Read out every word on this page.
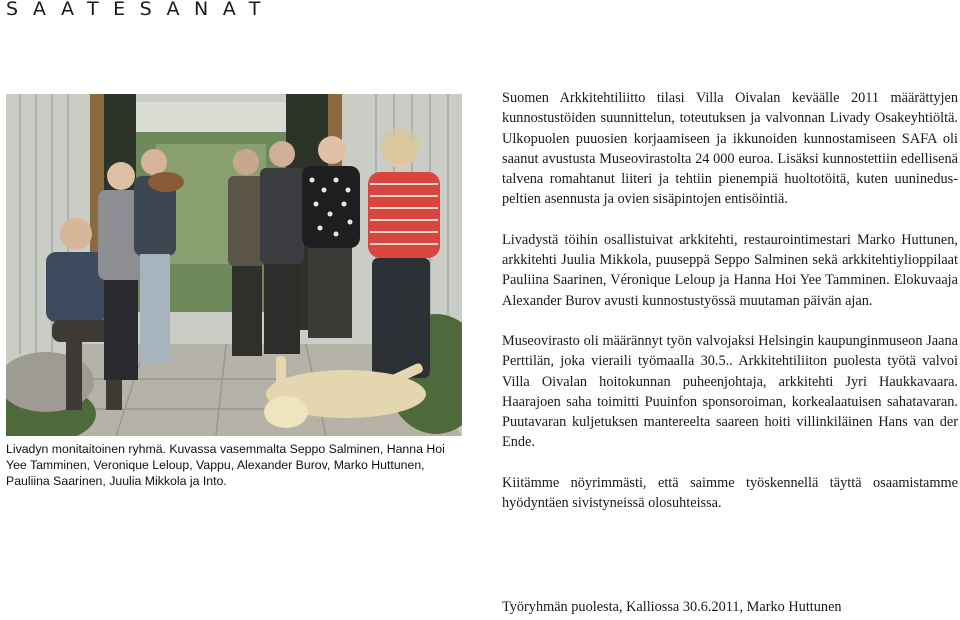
SAATESANAT
Livadyn monitaitoinen ryhmä. Kuvassa vasemmalta Seppo Salminen, Hanna Hoi Yee Tamminen, Veronique Leloup, Vappu, Alexander Burov, Marko Huttunen, Pauliina Saarinen, Juulia Mikkola ja Into.

Suomen Arkkitehtiliitto tilasi Villa Oivalan keväälle 2011 määrättyjen kunnostustöiden suunnittelun, toteutuksen ja valvonnan Livady Osakeyhtiöltä. Ulkopuolen puuosien korjaamiseen ja ikkunoiden kunnostamiseen SAFA oli saanut avustusta Museovirastolta 24 000 euroa. Lisäksi kunnostettiin edellisenä talvena romahtanut liiteri ja tehtiin pienempiä huoltotöitä, kuten uunineduspeltien asennusta ja ovien sisäpintojen entisöintiä.

Livadystä töihin osallistuivat arkkitehti, restaurointimestari Marko Huttunen, arkkitehti Juulia Mikkola, puuseppä Seppo Salminen sekä arkkitehtiylioppilaat Pauliina Saarinen, Véronique Leloup ja Hanna Hoi Yee Tamminen. Elokuvaaja Alexander Burov avusti kunnostustyössä muutaman päivän ajan.

Museovirasto oli määrännyt työn valvojaksi Helsingin kaupunginmuseon Jaana Perttilän, joka vieraili työmaalla 30.5.. Arkkitehtiliiton puolesta työtä valvoi Villa Oivalan hoitokunnan puheenjohtaja, arkkitehti Jyri Haukkavaara. Haarajoen saha toimitti Puuinfon sponsoroiman, korkealaatuisen sahatavaran. Puutavaran kuljetuksen mantereelta saareen hoiti villinkiläinen Hans van der Ende.

Kiitämme nöyrimmästi, että saimme työskennellä täyttä osaamistamme hyödyntäen sivistyneissä olosuhteissa.

Työryhmän puolesta, Kalliossa 30.6.2011, Marko Huttunen
